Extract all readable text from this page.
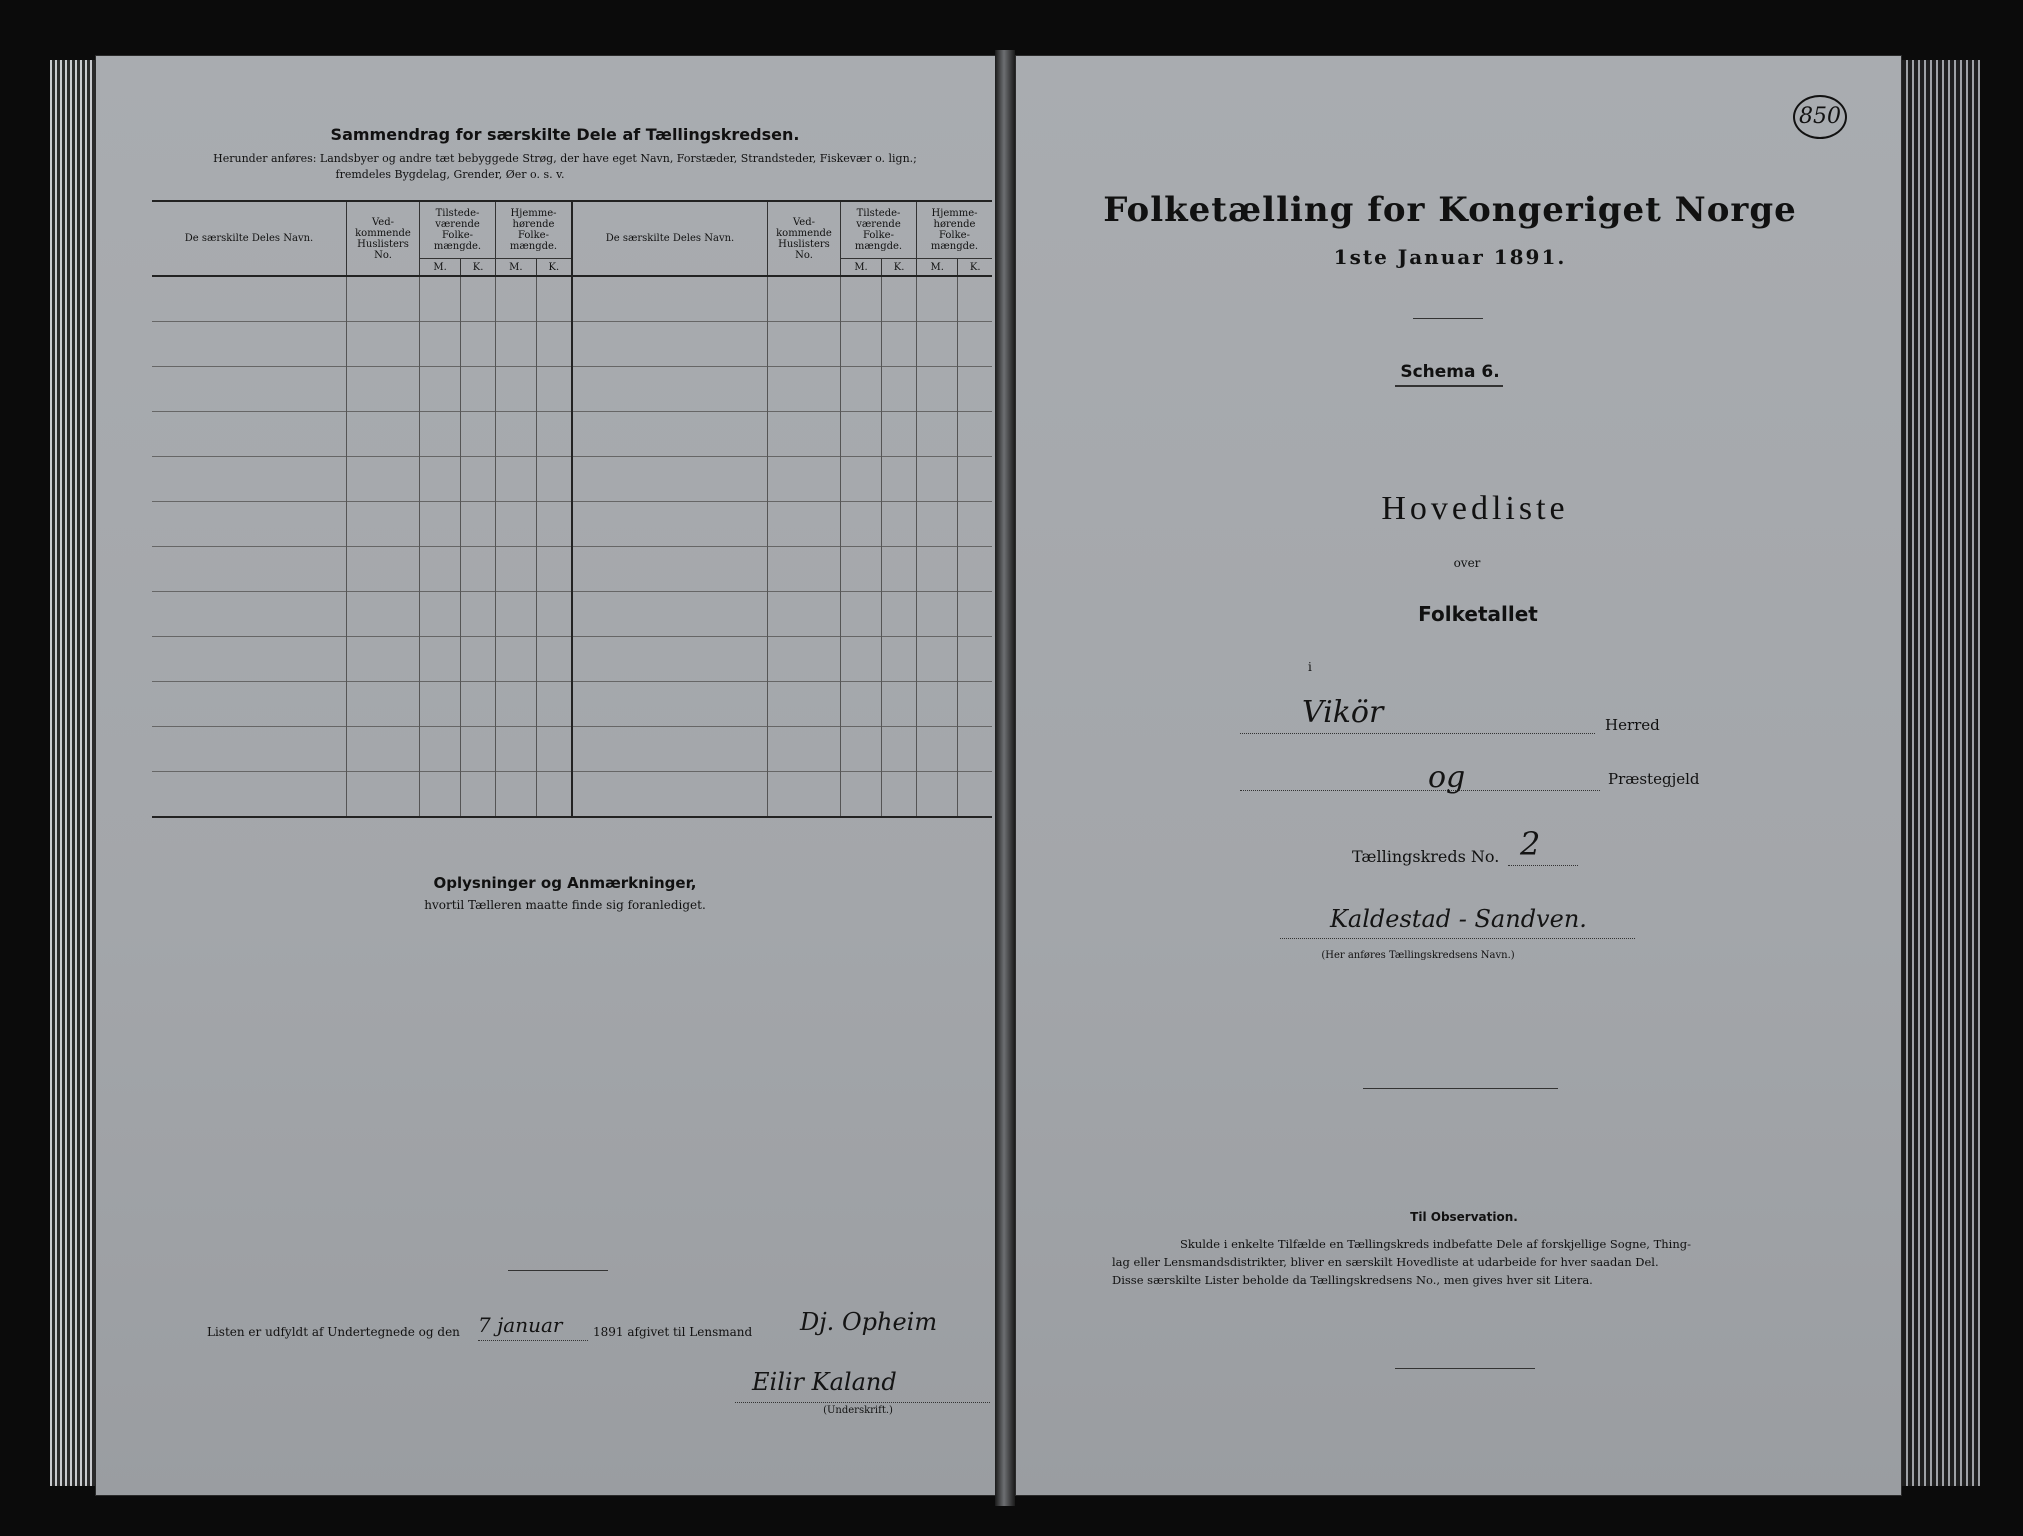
Sammendrag for særskilte Dele af Tællingskredsen.
Herunder anføres: Landsbyer og andre tæt bebyggede Strøg, der have eget Navn, Forstæder, Strandsteder, Fiskevær o. lign.;
fremdeles Bygdelag, Grender, Øer o. s. v.
De særskilte Deles Navn.	Ved-kommende Huslisters No.	Tilstede-værende Folke-mængde.		Hjemme-hørende Folke-mængde.		De særskilte Deles Navn.	Ved-kommende Huslisters No.	Tilstede-værende Folke-mængde.		Hjemme-hørende Folke-mængde.	
		M.	K.	M.	K.			M.	K.	M.	K.

Oplysninger og Anmærkninger,
hvortil Tælleren maatte finde sig foranlediget.
Listen er udfyldt af Undertegnede og den 7 januar	1891 afgivet til Lensmand Dj. Opheim
Eilir Kaland
(Underskrift.)
850
Folketælling for Kongeriget Norge
1ste Januar 1891.
Schema 6.
Hovedliste
over
Folketallet
i
Vikör	Herred
og	Præstegjeld
Tællingskreds No. 2
Kaldestad - Sandven.
(Her anføres Tællingskredsens Navn.)
Til Observation.
Skulde i enkelte Tilfælde en Tællingskreds indbefatte Dele af forskjellige Sogne, Thing-
lag eller Lensmandsdistrikter, bliver en særskilt Hovedliste at udarbeide for hver saadan Del.
Disse særskilte Lister beholde da Tællingskredsens No., men gives hver sit Litera.
